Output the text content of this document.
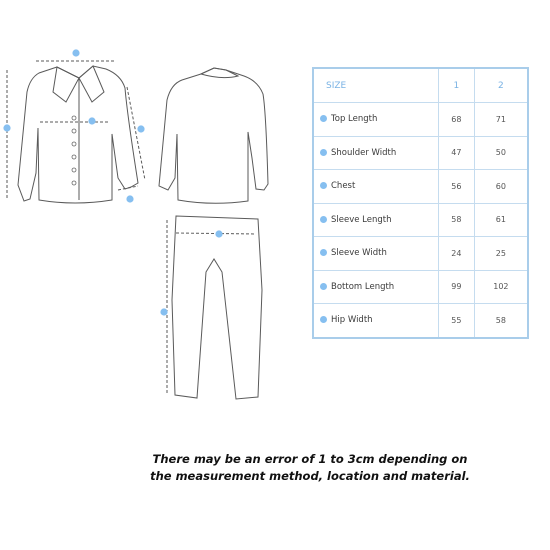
SIZE	1	2
Top Length	68	71
Shoulder Width	47	50
Chest	56	60
Sleeve Length	58	61
Sleeve Width	24	25
Bottom Length	99	102
Hip Width	55	58
There may be an error of 1 to 3cm depending on
the measurement method, location and material.
